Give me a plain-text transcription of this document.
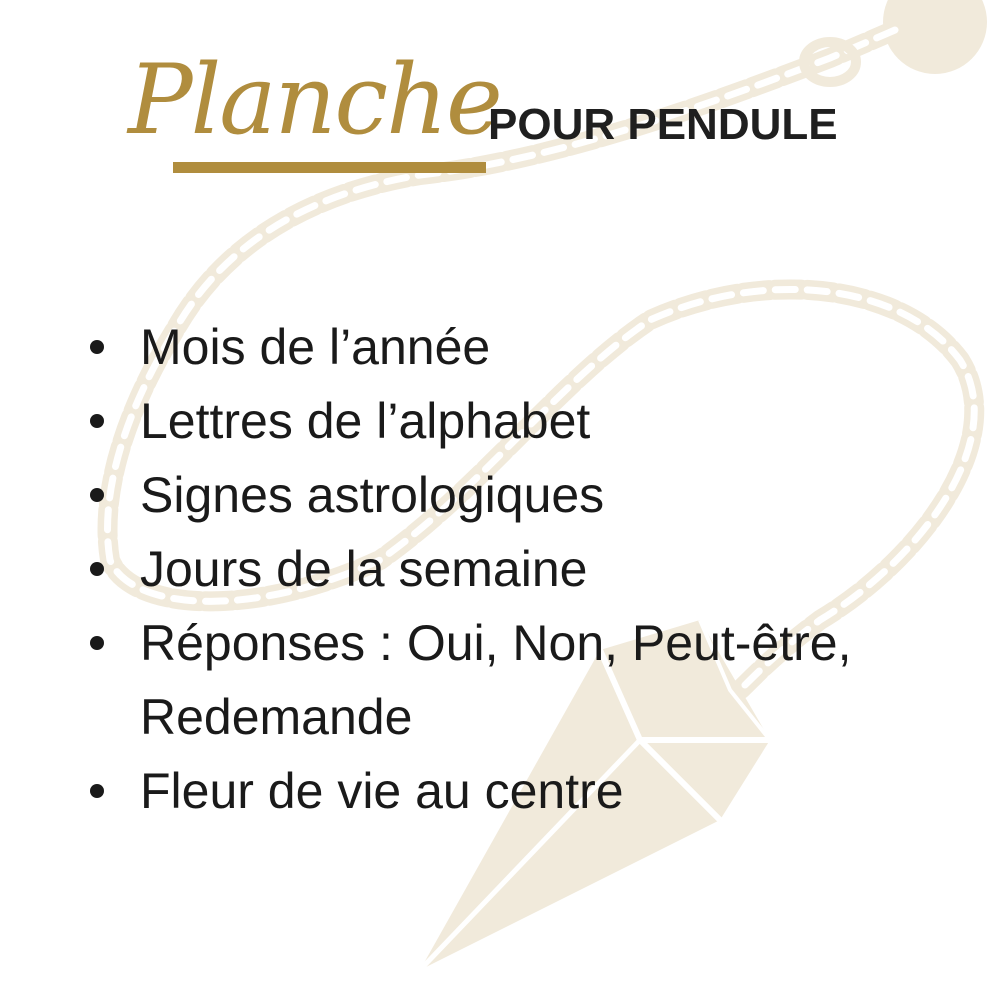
Planche
POUR PENDULE
Mois de l’année
Lettres de l’alphabet
Signes astrologiques
Jours de la semaine
Réponses : Oui, Non, Peut-être, Redemande
Fleur de vie au centre
